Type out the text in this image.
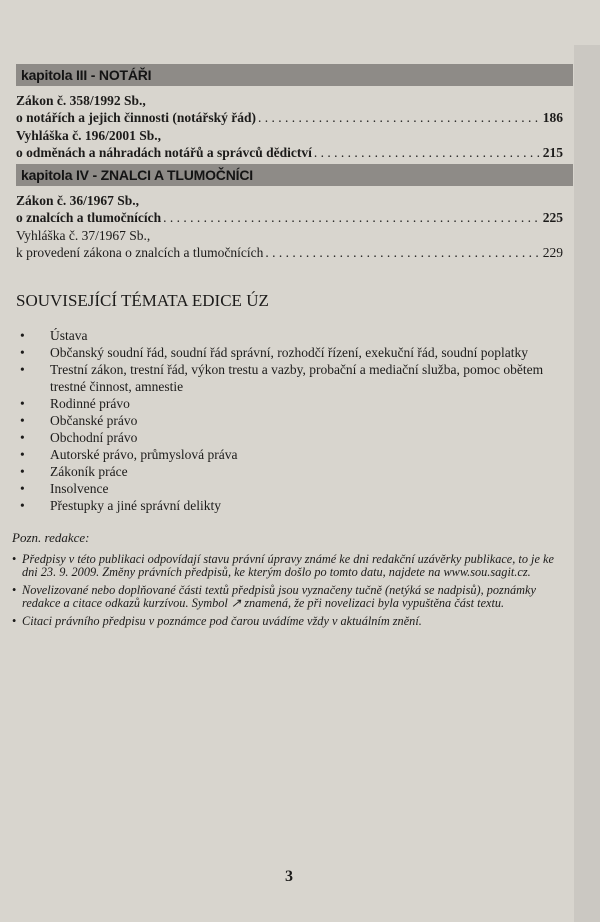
kapitola III - NOTÁŘI
Zákon č. 358/1992 Sb.,
o notářích a jejich činnosti (notářský řád) . . .	186
Vyhláška č. 196/2001 Sb.,
o odměnách a náhradách notářů a správců dědictví . . .	215
kapitola IV - ZNALCI A TLUMOČNÍCI
Zákon č. 36/1967 Sb.,
o znalcích a tlumočnících . . .	225
Vyhláška č. 37/1967 Sb.,
k provedení zákona o znalcích a tlumočnících . . .	229
SOUVISEJÍCÍ TÉMATA EDICE ÚZ
•	Ústava
•	Občanský soudní řád, soudní řád správní, rozhodčí řízení, exekuční řád, soudní poplatky
•	Trestní zákon, trestní řád, výkon trestu a vazby, probační a mediační služba, pomoc obětem trestné činnost, amnestie
•	Rodinné právo
•	Občanské právo
•	Obchodní právo
•	Autorské právo, průmyslová práva
•	Zákoník práce
•	Insolvence
•	Přestupky a jiné správní delikty
Pozn. redakce:
• Předpisy v této publikaci odpovídají stavu právní úpravy známé ke dni redakční uzávěrky publikace, to je ke dni 23. 9. 2009. Změny právních předpisů, ke kterým došlo po tomto datu, najdete na www.sou.sagit.cz.
• Novelizované nebo doplňované části textů předpisů jsou vyznačeny tučně (netýká se nadpisů), poznámky redakce a citace odkazů kurzívou. Symbol ↗ znamená, že při novelizaci byla vypuštěna část textu.
• Citaci právního předpisu v poznámce pod čarou uvádíme vždy v aktuálním znění.
3
